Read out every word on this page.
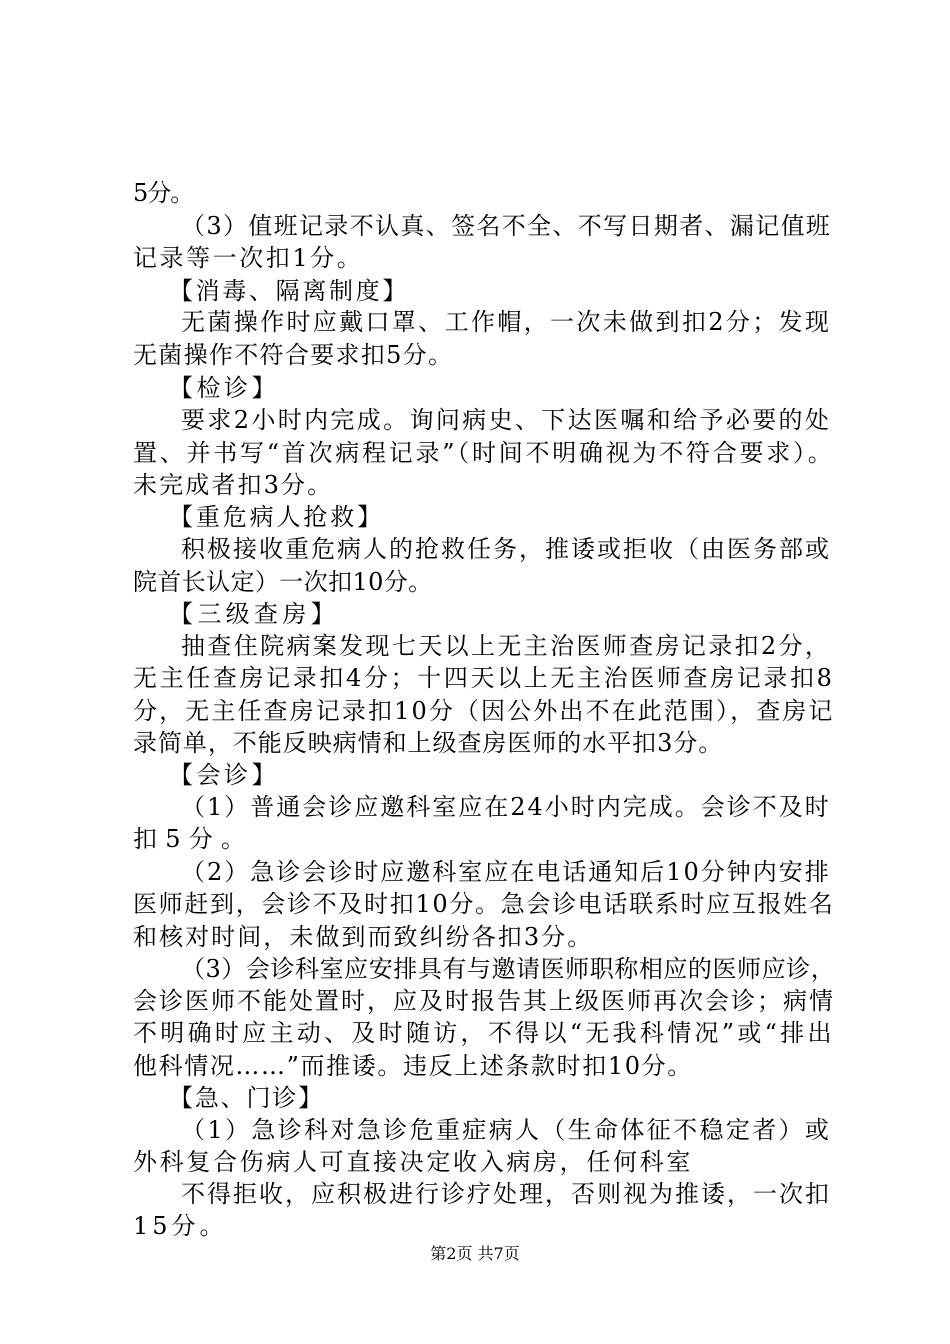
5分。
（3）值班记录不认真、签名不全、不写日期者、漏记值班
记录等一次扣1分。
【消毒、隔离制度】
无菌操作时应戴口罩、工作帽，一次未做到扣2分；发现
无菌操作不符合要求扣5分。
【检诊】
要求2小时内完成。询问病史、下达医嘱和给予必要的处
置、并书写“首次病程记录”（时间不明确视为不符合要求）。
未完成者扣3分。
【重危病人抢救】
积极接收重危病人的抢救任务，推诿或拒收（由医务部或
院首长认定）一次扣10分。
【三级查房】
抽查住院病案发现七天以上无主治医师查房记录扣2分，
无主任查房记录扣4分；十四天以上无主治医师查房记录扣8
分，无主任查房记录扣10分（因公外出不在此范围），查房记
录简单，不能反映病情和上级查房医师的水平扣3分。
【会诊】
（1）普通会诊应邀科室应在24小时内完成。会诊不及时
扣5分。
（2）急诊会诊时应邀科室应在电话通知后10分钟内安排
医师赶到，会诊不及时扣10分。急会诊电话联系时应互报姓名
和核对时间，未做到而致纠纷各扣3分。
（3）会诊科室应安排具有与邀请医师职称相应的医师应诊，
会诊医师不能处置时，应及时报告其上级医师再次会诊；病情
不明确时应主动、及时随访，不得以“无我科情况”或“排出
他科情况……”而推诿。违反上述条款时扣10分。
【急、门诊】
（1）急诊科对急诊危重症病人（生命体征不稳定者）或
外科复合伤病人可直接决定收入病房，任何科室
不得拒收，应积极进行诊疗处理，否则视为推诿，一次扣
15分。
第2页 共7页
